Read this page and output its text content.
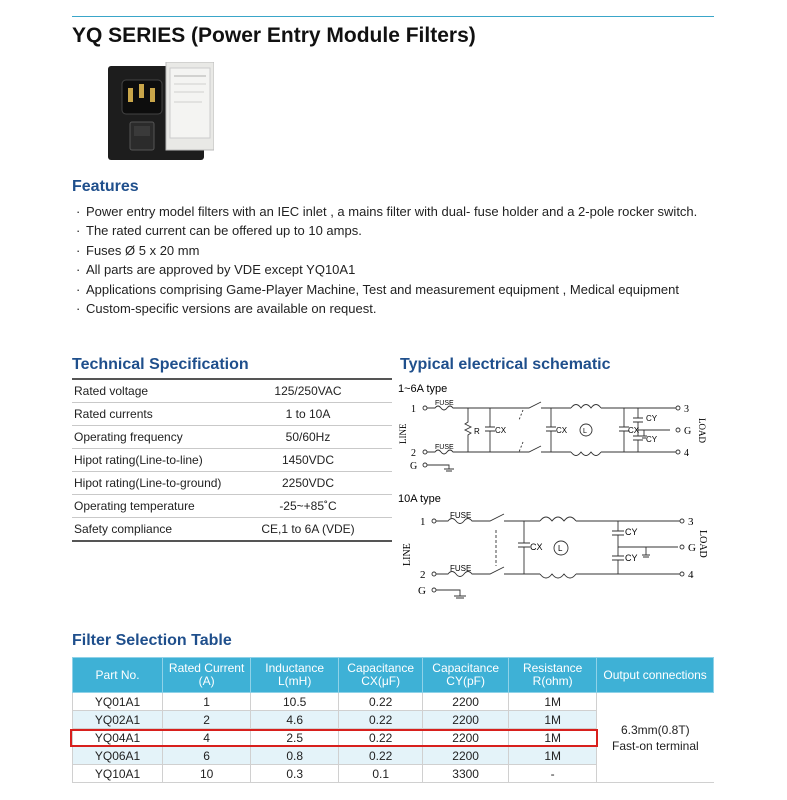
YQ SERIES (Power Entry Module Filters)
Features
· Power entry model filters with an IEC inlet , a mains filter with dual- fuse holder and a 2-pole rocker switch.
· The rated current can be offered up to 10 amps.
· Fuses Ø 5 x 20 mm
· All parts are approved by VDE except YQ10A1
· Applications comprising Game-Player Machine, Test and measurement equipment , Medical equipment
· Custom-specific versions are available on request.
Technical Specification
Rated voltage	125/250VAC
Rated currents	1 to 10A
Operating frequency	50/60Hz
Hipot rating(Line-to-line)	1450VDC
Hipot rating(Line-to-ground)	2250VDC
Operating temperature	-25~+85˚C
Safety compliance	CE,1 to 6A (VDE)
Typical electrical schematic
1~6A type
1
2
G
FUSE
FUSE
R CX	CX L	CX
CY
CY
3
G
4
LINE	LOAD
10A type
1
2
G
FUSE
FUSE
CX L
CY
CY
3
G
4
LINE	LOAD
Filter Selection Table
Part No.	Rated Current (A)	Inductance L(mH)	Capacitance CX(μF)	Capacitance CY(pF)	Resistance R(ohm)	Output connections
YQ01A1	1	10.5	0.22	2200	1M	6.3mm(0.8T)
Fast-on terminal

YQ02A1	2	4.6	0.22	2200	1M	
YQ04A1	4	2.5	0.22	2200	1M	
YQ06A1	6	0.8	0.22	2200	1M	
YQ10A1	10	0.3	0.1	3300	-	
